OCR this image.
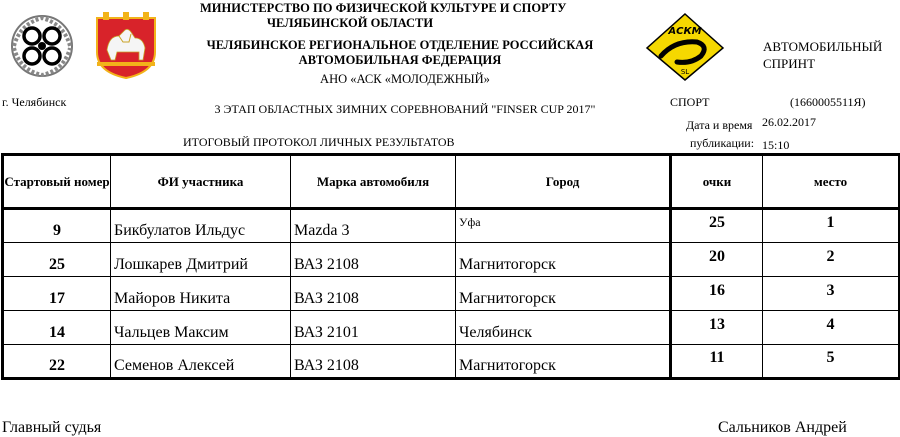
АСКМ
SL
МИНИСТЕРСТВО ПО ФИЗИЧЕСКОЙ КУЛЬТУРЕ И СПОРТУ
ЧЕЛЯБИНСКОЙ ОБЛАСТИ
ЧЕЛЯБИНСКОЕ РЕГИОНАЛЬНОЕ ОТДЕЛЕНИЕ РОССИЙСКАЯ
АВТОМОБИЛЬНАЯ ФЕДЕРАЦИЯ
АНО «АСК «МОЛОДЕЖНЫЙ»
г. Челябинск	3 ЭТАП ОБЛАСТНЫХ ЗИМНИХ СОРЕВНОВАНИЙ "FINSER CUP 2017"
ИТОГОВЫЙ ПРОТОКОЛ ЛИЧНЫХ РЕЗУЛЬТАТОВ
АВТОМОБИЛЬНЫЙ
СПРИНТ
СПОРТ	(1660005511Я)
Дата и время
публикации:
26.02.2017
15:10
Стартовый номер	ФИ участника	Марка автомобиля	Город	очки	место
9	Бикбулатов Ильдус	Mazda 3	Уфа	25	1
25	Лошкарев Дмитрий	ВАЗ 2108	Магнитогорск	20	2
17	Майоров Никита	ВАЗ 2108	Магнитогорск	16	3
14	Чальцев Максим	ВАЗ 2101	Челябинск	13	4
22	Семенов Алексей	ВАЗ 2108	Магнитогорск	11	5
Главный судья	Сальников Андрей
